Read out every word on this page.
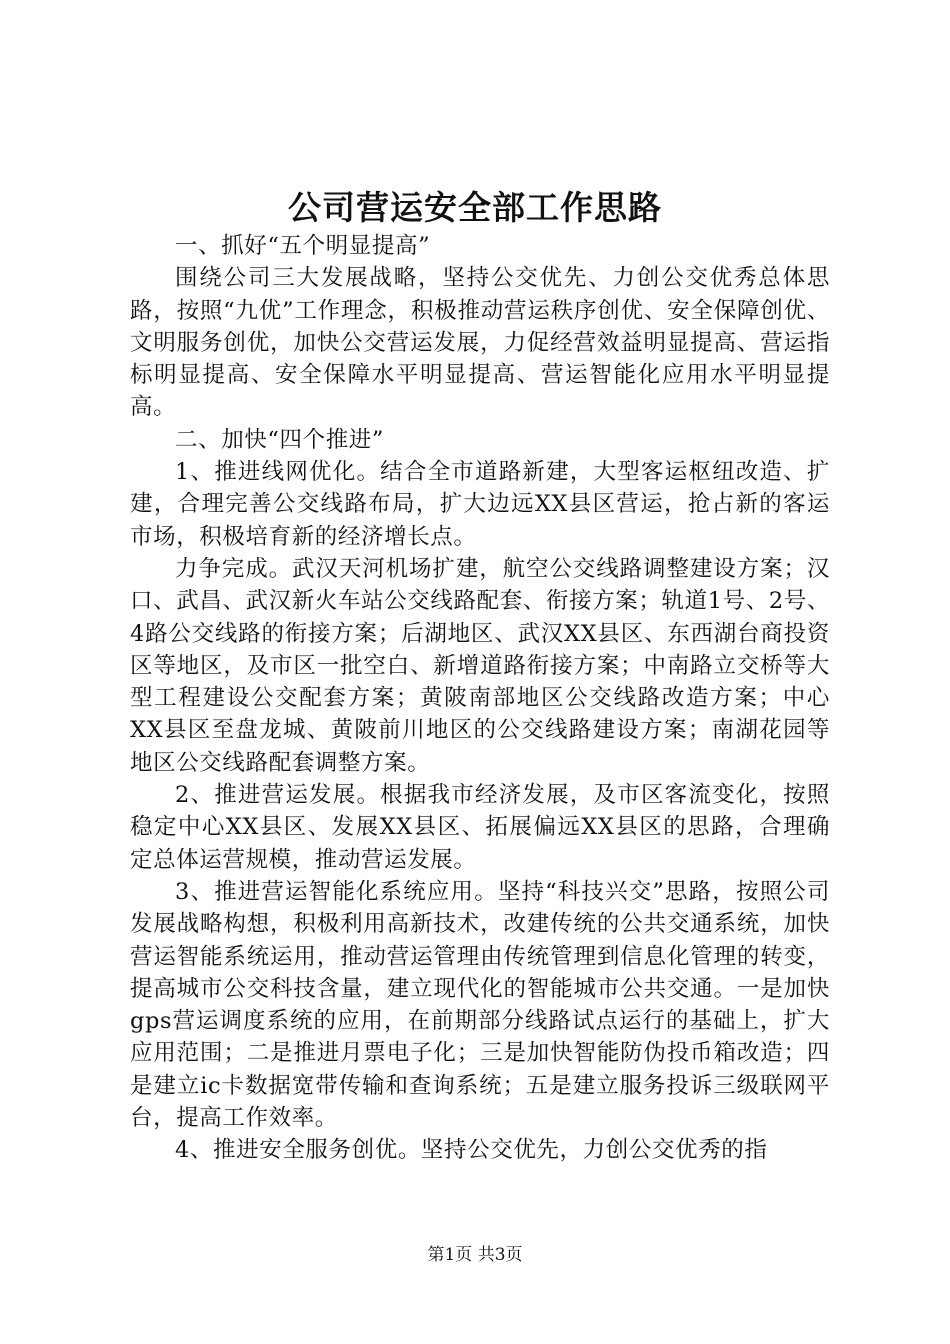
公司营运安全部工作思路

一、抓好“五个明显提高”

围绕公司三大发展战略，坚持公交优先、力创公交优秀总体思路，按照“九优”工作理念，积极推动营运秩序创优、安全保障创优、文明服务创优，加快公交营运发展，力促经营效益明显提高、营运指标明显提高、安全保障水平明显提高、营运智能化应用水平明显提高。

二、加快“四个推进”

1、推进线网优化。结合全市道路新建，大型客运枢纽改造、扩建，合理完善公交线路布局，扩大边远XX县区营运，抢占新的客运市场，积极培育新的经济增长点。

力争完成。武汉天河机场扩建，航空公交线路调整建设方案；汉口、武昌、武汉新火车站公交线路配套、衔接方案；轨道1号、2号、4路公交线路的衔接方案；后湖地区、武汉XX县区、东西湖台商投资区等地区，及市区一批空白、新增道路衔接方案；中南路立交桥等大型工程建设公交配套方案；黄陂南部地区公交线路改造方案；中心XX县区至盘龙城、黄陂前川地区的公交线路建设方案；南湖花园等地区公交线路配套调整方案。

2、推进营运发展。根据我市经济发展，及市区客流变化，按照稳定中心XX县区、发展XX县区、拓展偏远XX县区的思路，合理确定总体运营规模，推动营运发展。

3、推进营运智能化系统应用。坚持“科技兴交”思路，按照公司发展战略构想，积极利用高新技术，改建传统的公共交通系统，加快营运智能系统运用，推动营运管理由传统管理到信息化管理的转变，提高城市公交科技含量，建立现代化的智能城市公共交通。一是加快gps营运调度系统的应用，在前期部分线路试点运行的基础上，扩大应用范围；二是推进月票电子化；三是加快智能防伪投币箱改造；四是建立ic卡数据宽带传输和查询系统；五是建立服务投诉三级联网平台，提高工作效率。

4、推进安全服务创优。坚持公交优先，力创公交优秀的指

第1页 共3页
